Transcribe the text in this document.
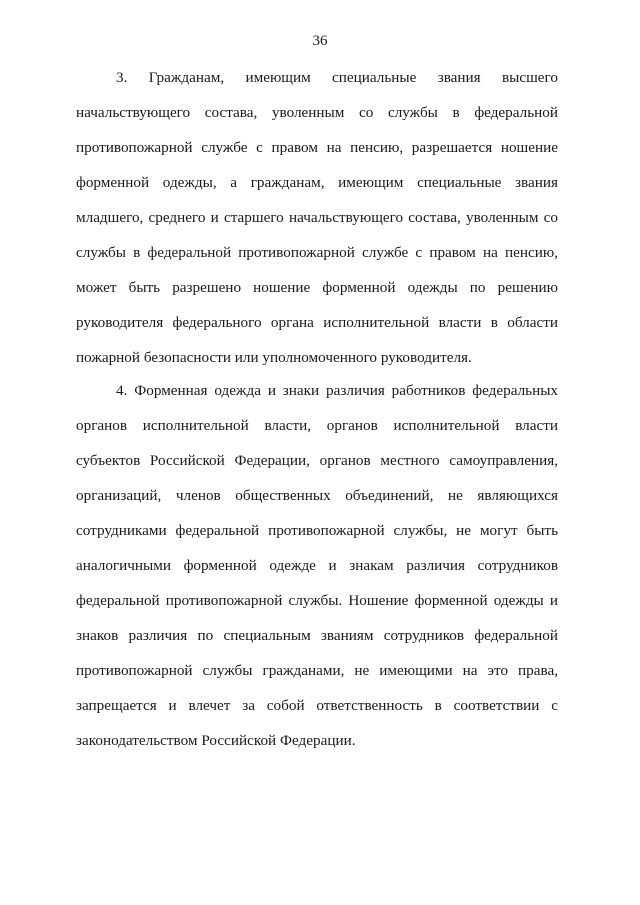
36
3. Гражданам, имеющим специальные звания высшего
начальствующего состава, уволенным со службы в федеральной
противопожарной службе с правом на пенсию, разрешается ношение
форменной одежды, а гражданам, имеющим специальные звания
младшего, среднего и старшего начальствующего состава, уволенным со
службы в федеральной противопожарной службе с правом на пенсию,
может быть разрешено ношение форменной одежды по решению
руководителя федерального органа исполнительной власти в области
пожарной безопасности или уполномоченного руководителя.
4. Форменная одежда и знаки различия работников федеральных
органов исполнительной власти, органов исполнительной власти
субъектов Российской Федерации, органов местного самоуправления,
организаций, членов общественных объединений, не являющихся
сотрудниками федеральной противопожарной службы, не могут быть
аналогичными форменной одежде и знакам различия сотрудников
федеральной противопожарной службы. Ношение форменной одежды и
знаков различия по специальным званиям сотрудников федеральной
противопожарной службы гражданами, не имеющими на это права,
запрещается и влечет за собой ответственность в соответствии с
законодательством Российской Федерации.
